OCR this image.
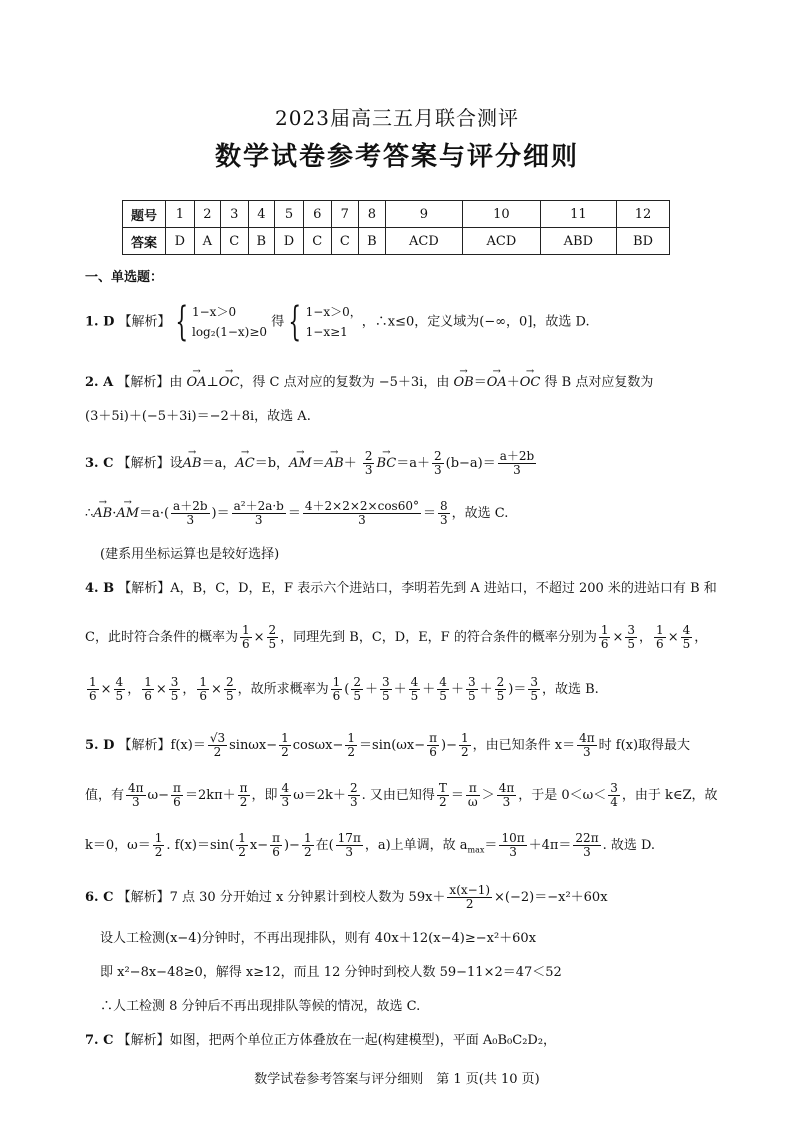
2023届高三五月联合测评
数学试卷参考答案与评分细则
题号	1	2	3	4	5	6	7	8	9	10	11	12
答案	D	A	C	B	D	C	C	B	ACD	ACD	ABD	BD
一、单选题：
1. D 【解析】 { 1−x＞0
log₂(1−x)≥0
得 { 1−x＞0，
1−x≥1
，∴x≤0，定义域为(−∞，0]，故选 D.
2. A 【解析】由 → OA⊥→ OC，得 C 点对应的复数为 −5＋3i，由 → OB＝→ OA＋→ OC 得 B 点对应复数为
(3＋5i)＋(−5＋3i)＝−2＋8i，故选 A.
3. C 【解析】设→ AB＝a，→ AC＝b，→ $AM=\to AB+ \frac{2}{3} \to BC=a+ \frac{2}{3} (b-a)= \frac{a+2b}{3}$
∴→ $AB\cdot\to AM=a\cdot( \frac{a+2b}{3}$ )＝ $\frac{\text{a²＋2a·b}}{3} = \frac{4+2\times 2\times 2\times\cos 60^\circ}{3} = \frac{8}{3}$ ，故选 C.
(建系用坐标运算也是较好选择)
4. B 【解析】A，B，C，D，E，F 表示六个进站口，李明若先到 A 进站口，不超过 200 米的进站口有 B 和
C，此时符合条件的概率为 $\frac{1}{6} \times \frac{2}{5}$ ，同理先到 B，C，D，E，F 的符合条件的概率分别为 $\frac{1}{6} \times \frac{3}{5}$ ， $\frac{1}{6} \times \frac{4}{5}$ ，
$\frac{1}{6} \times \frac{4}{5}$ ， $\frac{1}{6} \times \frac{3}{5}$ ， $\frac{1}{6} \times \frac{2}{5}$ ，故所求概率为 $\frac{1}{6}$ ( $\frac{2}{5} + \frac{3}{5} + \frac{4}{5} + \frac{4}{5} + \frac{3}{5} + \frac{2}{5}$ )＝ $\frac{3}{5}$ ，故选 B.
5. D 【解析】$f(x)= \frac{√3}{2} \sin\omega x- \frac{1}{2} \cos\omega x- \frac{1}{2} =\sin(\omega x- \frac{\pi}{6}$ )− $\frac{1}{2}$ ，由已知条件 $x= \frac{4\pi}{3}$ 时 f(x)取得最大
值，有 $\frac{4\pi}{3} \omega- \frac{\pi}{6} =2k\pi+ \frac{\pi}{2}$ ，即 $\frac{4}{3} \omega=2k+ \frac{2}{3}$ . 又由已知得 $\frac{T}{2} = \frac{\pi}{\omega} > \frac{4\pi}{3}$ ，于是 $0<\omega< \frac{3}{4}$ ，由于 k∈Z，故
k＝0，$\omega= \frac{1}{2}$ . $f(x)=\sin( \frac{1}{2} x- \frac{\pi}{6}$ )− $\frac{1}{2}$ 在( $\frac{17\pi}{3}$ ，a)上单调，故 $a_{max}= \frac{10\pi}{3} +4\pi= \frac{22\pi}{3}$ . 故选 D.
6. C 【解析】7 点 30 分开始过 x 分钟累计到校人数为 $59x+ \frac{x(x-1)}{2} \times(-2)=-x^2+60x$
设人工检测(x−4)分钟时，不再出现排队，则有 40x＋12(x−4)≥−x²＋60x
即 x²−8x−48≥0，解得 x≥12，而且 12 分钟时到校人数 59−11×2＝47＜52
∴人工检测 8 分钟后不再出现排队等候的情况，故选 C.
7. C 【解析】如图，把两个单位正方体叠放在一起(构建模型)，平面 A₀B₀C₂D₂，
数学试卷参考答案与评分细则　第 1 页(共 10 页)
